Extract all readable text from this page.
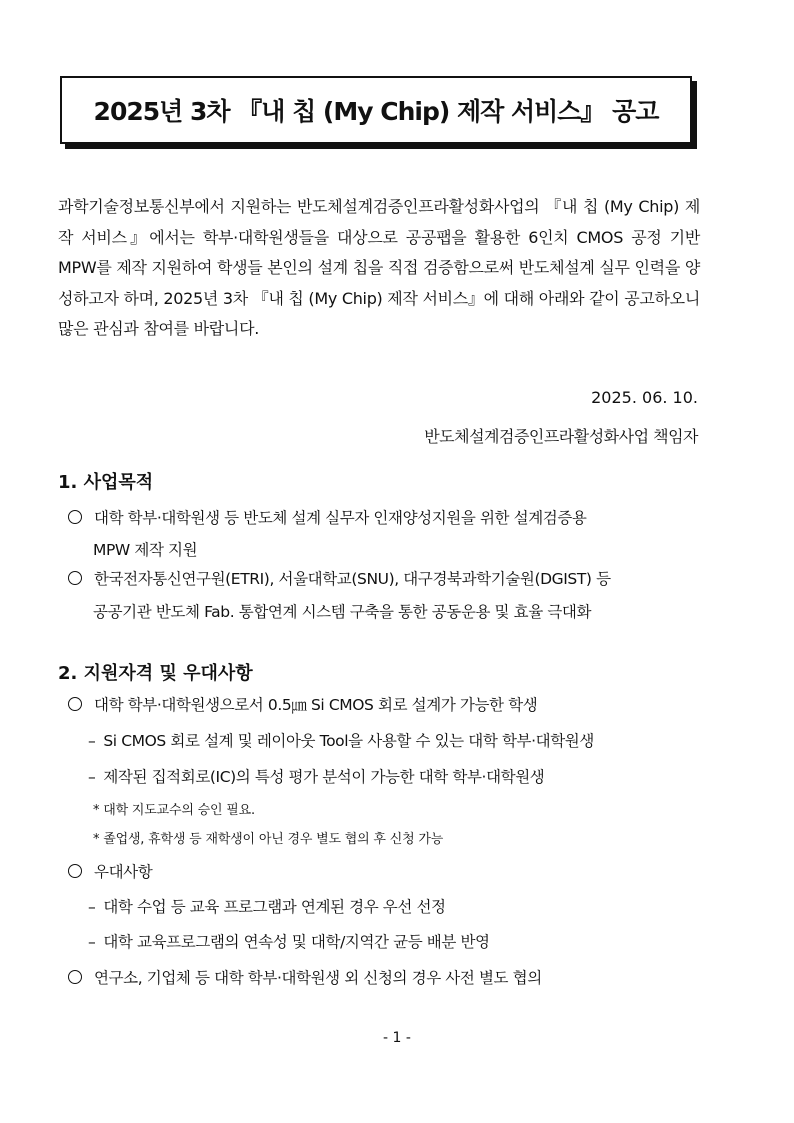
2025년 3차 『내 칩 (My Chip) 제작 서비스』 공고

과학기술정보통신부에서 지원하는 반도체설계검증인프라활성화사업의 『내 칩 (My Chip) 제작 서비스』에서는 학부·대학원생들을 대상으로 공공팹을 활용한 6인치 CMOS 공정 기반 MPW를 제작 지원하여 학생들 본인의 설계 칩을 직접 검증함으로써 반도체설계 실무 인력을 양성하고자 하며, 2025년 3차 『내 칩 (My Chip) 제작 서비스』에 대해 아래와 같이 공고하오니 많은 관심과 참여를 바랍니다.

2025. 06. 10.
반도체설계검증인프라활성화사업 책임자
1. 사업목적
대학 학부·대학원생 등 반도체 설계 실무자 인재양성지원을 위한 설계검증용
MPW 제작 지원
한국전자통신연구원(ETRI), 서울대학교(SNU), 대구경북과학기술원(DGIST) 등
공공기관 반도체 Fab. 통합연계 시스템 구축을 통한 공동운용 및 효율 극대화
2. 지원자격 및 우대사항
대학 학부·대학원생으로서 0.5㎛ Si CMOS 회로 설계가 가능한 학생
– Si CMOS 회로 설계 및 레이아웃 Tool을 사용할 수 있는 대학 학부·대학원생
– 제작된 집적회로(IC)의 특성 평가 분석이 가능한 대학 학부·대학원생
* 대학 지도교수의 승인 필요.
* 졸업생, 휴학생 등 재학생이 아닌 경우 별도 협의 후 신청 가능
우대사항
– 대학 수업 등 교육 프로그램과 연계된 경우 우선 선정
– 대학 교육프로그램의 연속성 및 대학/지역간 균등 배분 반영
연구소, 기업체 등 대학 학부·대학원생 외 신청의 경우 사전 별도 협의
- 1 -
